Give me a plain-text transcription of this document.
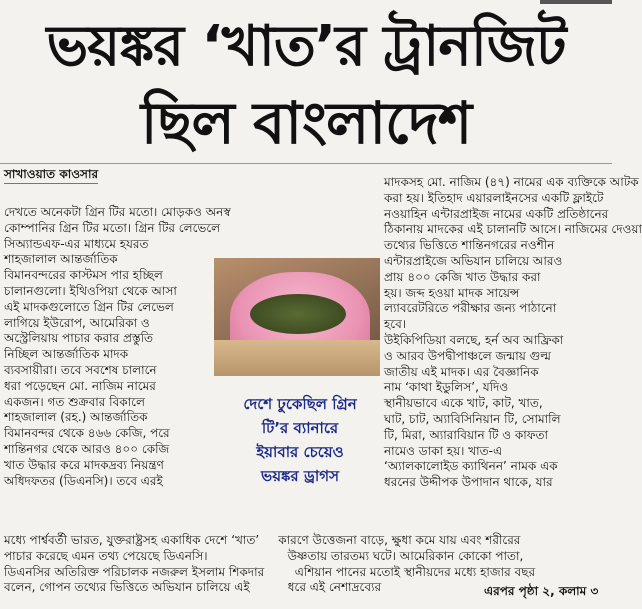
ভয়ঙ্কর ‘খাত’র ট্রানজিট
ছিল বাংলাদেশ
সাখাওয়াত কাওসার

দেখতে অনেকটা গ্রিন টির মতো। মোড়কও অনস্ব

কোম্পানির গ্রিন টির মতো। গ্রিন টির লেভেলে

সিঅ্যান্ডএফ-এর মাধ্যমে হযরত

শাহজালাল আন্তর্জাতিক

বিমানবন্দরের কাস্টমস পার হচ্ছিল

চালানগুলো। ইথিওপিয়া থেকে আসা

এই মাদকগুলোতে গ্রিন টির লেভেল

লাগিয়ে ইউরোপ, আমেরিকা ও

অস্ট্রেলিয়ায় পাচার করার প্রস্তুতি

নিচ্ছিল আন্তর্জাতিক মাদক

ব্যবসায়ীরা। তবে সবশেষ চালানে

ধরা পড়েছেন মো. নাজিম নামের

একজন। গত শুক্রবার বিকালে

শাহজালাল (রহ.) আন্তর্জাতিক

বিমানবন্দর থেকে ৪৬৬ কেজি, পরে

শান্তিনগর থেকে আরও ৪০০ কেজি

খাত উদ্ধার করে মাদকদ্রব্য নিয়ন্ত্রণ

অধিদফতর (ডিএনসি)। তবে এরই

মাদকসহ মো. নাজিম (৪৭) নামের এক ব্যক্তিকে আটক

করা হয়। ইতিহাদ এয়ারলাইনসের একটি ফ্লাইটে

নওয়াহিন এন্টারপ্রাইজ নামের একটি প্রতিষ্ঠানের

ঠিকানায় মাদকের এই চালানটি আসে। নাজিমের দেওয়া

তথ্যের ভিত্তিতে শান্তিনগরের নওশীন

এন্টারপ্রাইজে অভিযান চালিয়ে আরও

প্রায় ৪০০ কেজি খাত উদ্ধার করা

হয়। জব্দ হওয়া মাদক সায়েন্স

ল্যাবরেটরিতে পরীক্ষার জন্য পাঠানো

হবে।

উইকিপিডিয়া বলছে, হর্ন অব আফ্রিকা

ও আরব উপদ্বীপাঞ্চলে জন্মায় গুল্ম

জাতীয় এই মাদক। এর বৈজ্ঞানিক

নাম ‘কাথা ইডুলিস’, যদিও

স্থানীয়ভাবে একে খাট, কাট, খাত,

ঘাট, চাট, অ্যাবিসিনিয়ান টি, সোমালি

টি, মিরা, অ্যারাবিয়ান টি ও কাফতা

নামেও ডাকা হয়। খাত-এ

‘অ্যালকালোইড ক্যাথিনন’ নামক এক

ধরনের উদ্দীপক উপাদান থাকে, যার

মধ্যে পার্শ্ববর্তী ভারত, যুক্তরাষ্ট্রসহ একাধিক দেশে ‘খাত’     কারণে উত্তেজনা বাড়ে, ক্ষুধা কমে যায় এবং শরীরের

পাচার করেছে এমন তথ্য পেয়েছে ডিএনসি।                     উষ্ণতায় তারতম্য ঘটে। আমেরিকান কোকো পাতা,

ডিএনসির অতিরিক্ত পরিচালক নজরুল ইসলাম শিকদার        এশিয়ান পানের মতোই স্থানীয়দের মধ্যে হাজার বছর

বলেন, গোপন তথ্যের ভিত্তিতে অভিযান চালিয়ে এই          ধরে এই নেশাদ্রব্যের

দেশে ঢুকেছিল গ্রিন
টি’র ব্যানারে
ইয়াবার চেয়েও
ভয়ঙ্কর ড্রাগস
এরপর পৃষ্ঠা ২, কলাম ৩
